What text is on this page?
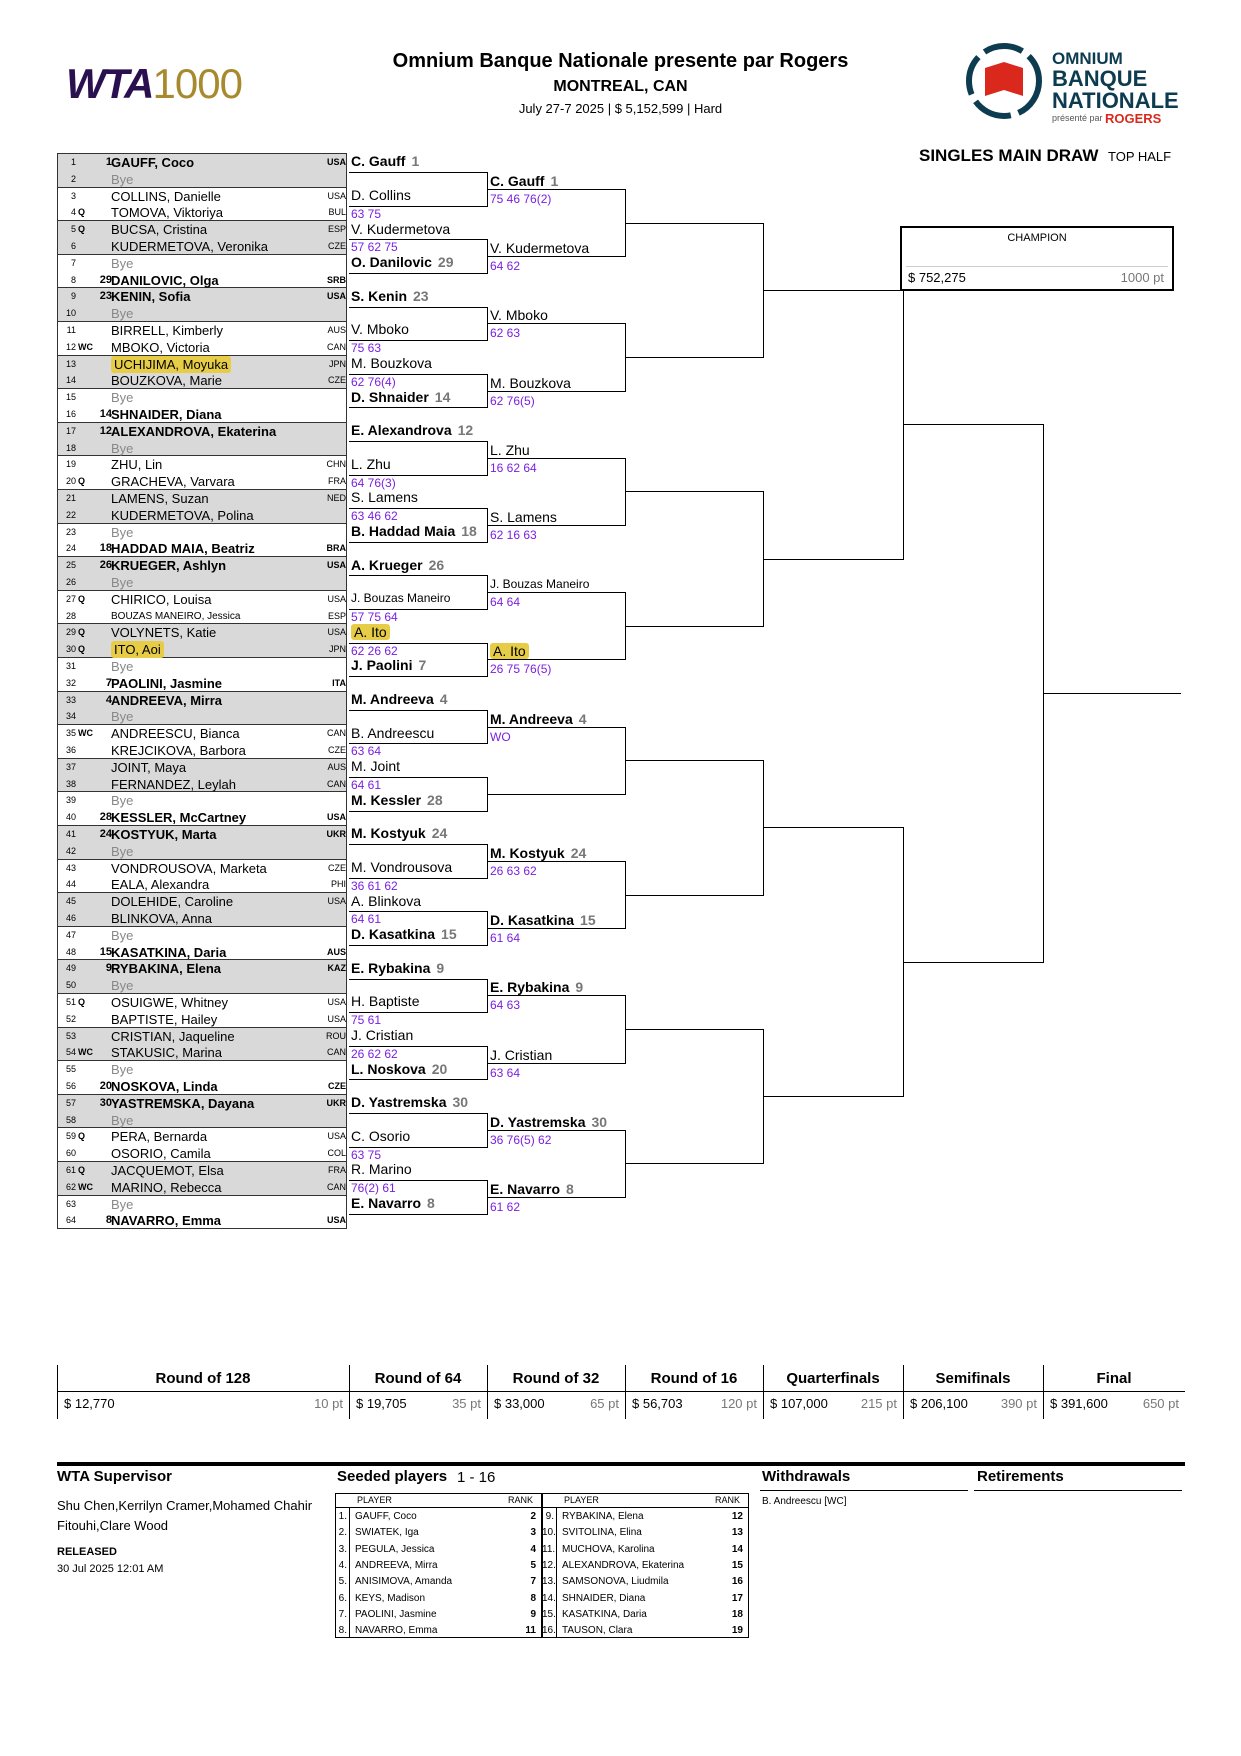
WTA1000	Omnium Banque Nationale presente par Rogers
MONTREAL, CAN
July 27-7 2025 | $ 5,152,599 | Hard
OMNIUM
BANQUE
NATIONALE
présenté par ROGERS
SINGLES MAIN DRAW TOP HALF
CHAMPION
$ 752,275	1000 pt
1	1 GAUFF, Coco	USA
2	Bye
3	COLLINS, Danielle	USA
4 Q TOMOVA, Viktoriya	BUL
5 Q BUCSA, Cristina	ESP
6	KUDERMETOVA, Veronika	CZE
7	Bye
8	29 DANILOVIC, Olga	SRB
9	23 KENIN, Sofia	USA
10	Bye
11	BIRRELL, Kimberly	AUS
12 WC MBOKO, Victoria	CAN
13	UCHIJIMA, Moyuka	JPN
14	BOUZKOVA, Marie	CZE
15	Bye
16	14 SHNAIDER, Diana
17	12 ALEXANDROVA, Ekaterina
18	Bye
19	ZHU, Lin	CHN
20 Q GRACHEVA, Varvara	FRA
21	LAMENS, Suzan	NED
22	KUDERMETOVA, Polina
23	Bye
24	18 HADDAD MAIA, Beatriz	BRA
25	26 KRUEGER, Ashlyn	USA
26	Bye
27 Q CHIRICO, Louisa	USA
28	BOUZAS MANEIRO, Jessica	ESP
29 Q VOLYNETS, Katie	USA
30 Q ITO, Aoi	JPN
31	Bye
32	7 PAOLINI, Jasmine	ITA
33	4 ANDREEVA, Mirra
34	Bye
35 WC ANDREESCU, Bianca	CAN
36	KREJCIKOVA, Barbora	CZE
37	JOINT, Maya	AUS
38	FERNANDEZ, Leylah	CAN
39	Bye
40	28 KESSLER, McCartney	USA
41	24 KOSTYUK, Marta	UKR
42	Bye
43	VONDROUSOVA, Marketa	CZE
44	EALA, Alexandra	PHI
45	DOLEHIDE, Caroline	USA
46	BLINKOVA, Anna
47	Bye
48	15 KASATKINA, Daria	AUS
49	9 RYBAKINA, Elena	KAZ
50	Bye
51 Q OSUIGWE, Whitney	USA
52	BAPTISTE, Hailey	USA
53	CRISTIAN, Jaqueline	ROU
54 WC STAKUSIC, Marina	CAN
55	Bye
56	20 NOSKOVA, Linda	CZE
57	30 YASTREMSKA, Dayana	UKR
58	Bye
59 Q PERA, Bernarda	USA
60	OSORIO, Camila	COL
61 Q JACQUEMOT, Elsa	FRA
62 WC MARINO, Rebecca	CAN
63	Bye
64	8 NAVARRO, Emma	USA
C. Gauff 1
D. Collins
63 75
V. Kudermetova
57 62 75
O. Danilovic 29
S. Kenin 23
V. Mboko
75 63
M. Bouzkova
62 76(4)
D. Shnaider 14
E. Alexandrova 12
L. Zhu
64 76(3)
S. Lamens
63 46 62
B. Haddad Maia 18
A. Krueger 26
J. Bouzas Maneiro
57 75 64
A. Ito
62 26 62
J. Paolini 7
M. Andreeva 4
B. Andreescu
63 64
M. Joint
64 61
M. Kessler 28
M. Kostyuk 24
M. Vondrousova
36 61 62
A. Blinkova
64 61
D. Kasatkina 15
E. Rybakina 9
H. Baptiste
75 61
J. Cristian
26 62 62
L. Noskova 20
D. Yastremska 30
C. Osorio
63 75
R. Marino
76(2) 61
E. Navarro 8
C. Gauff 1
75 46 76(2)
V. Kudermetova
64 62
V. Mboko
62 63
M. Bouzkova
62 76(5)
L. Zhu
16 62 64
S. Lamens
62 16 63
J. Bouzas Maneiro
64 64
A. Ito
26 75 76(5)
M. Andreeva 4
WO
M. Kostyuk 24
26 63 62
D. Kasatkina 15
61 64
E. Rybakina 9
64 63
J. Cristian
63 64
D. Yastremska 30
36 76(5) 62
E. Navarro 8
61 62
Round of 128
$ 12,770	10 pt
Round of 64
$ 19,705	35 pt
Round of 32
$ 33,000	65 pt
Round of 16
$ 56,703	120 pt
Quarterfinals
$ 107,000	215 pt
Semifinals
$ 206,100	390 pt
Final
$ 391,600	650 pt
WTA Supervisor
Shu Chen,Kerrilyn Cramer,Mohamed Chahir
Fitouhi,Clare Wood
RELEASED
30 Jul 2025 12:01 AM
Seeded players 1 - 16	Withdrawals
B. Andreescu [WC]
Retirements
PLAYER	RANK
1. GAUFF, Coco	2
2. SWIATEK, Iga	3
3. PEGULA, Jessica	4
4. ANDREEVA, Mirra	5
5. ANISIMOVA, Amanda	7
6. KEYS, Madison	8
7. PAOLINI, Jasmine	9
8. NAVARRO, Emma	11
PLAYER	RANK
9. RYBAKINA, Elena	12
10. SVITOLINA, Elina	13
11. MUCHOVA, Karolina	14
12. ALEXANDROVA, Ekaterina	15
13. SAMSONOVA, Liudmila	16
14. SHNAIDER, Diana	17
15. KASATKINA, Daria	18
16. TAUSON, Clara	19
